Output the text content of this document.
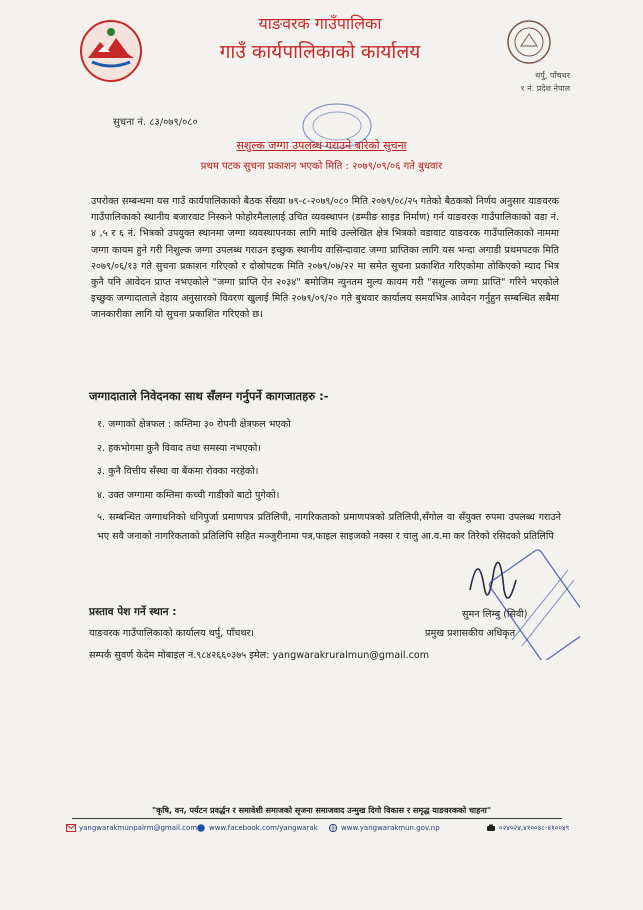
याङवरक गाउँपालिका
गाउँ कार्यपालिकाको कार्यालय
थर्पु, पाँचथर
१ नं. प्रदेश नेपाल
सुचना नं. ८३/०७९/०८०
सशुल्क जग्गा उपलब्ध गराउने बारेको सुचना
प्रथम पटक सुचना प्रकाशन भएको मिति : २०७९/०९/०६ गते बुधवार
उपरोक्त सम्बन्धमा यस गाउँ कार्यपालिकाको बैठक सँख्या ७९-८-२०७९/०८० मिति २०७९/०८/२५ गतेको बैठकको निर्णय अनुसार याङवरक गाउँपालिकाको स्थानीय बजारवाट निस्कने फोहोरमैलालाई उचित व्यवस्थापन (डम्पीङ साइड निर्माण) गर्न याङवरक गाउँपालिकाको वडा नं. ४ ,५ र ६ नं. भित्रको उपयुक्त स्थानमा जग्गा व्यवस्थापनका लागि माथि उल्लेखित क्षेत्र भित्रको वडावाट याङवरक गाउँपालिकाको नाममा जग्गा कायम हुने गरी निशुल्क जग्गा उपलब्ध गराउन इच्छुक स्थानीय वासिन्दावाट जग्गा प्राप्तिका लागि यस भन्दा अगाडी प्रथमपटक मिति २०७९/०६/१३ गते सुचना प्रकाशन गरिएको र दोस्रोपटक मिति २०७९/०७/२२ मा समेत सुचना प्रकाशित गरिएकोमा तोकिएको म्याद भित्र कुनै पनि आवेदन प्राप्त नभएकोले "जग्गा प्राप्ति ऐन २०३४" बमोजिम न्युनतम मुल्य कायम गरी "सशुल्क जग्गा प्राप्ति" गरिने भएकोले इच्छुक जग्गादाताले देहाय अनुसारको विवरण खुलाई मिति २०७९/०९/२० गते बुधवार कार्यालय समयभित्र आवेदन गर्नुहुन सम्बन्धित सबैमा जानकारीका लागि यो सुचना प्रकाशित गरिएको छ।
जग्गादाताले निवेदनका साथ सँलग्न गर्नुपर्ने कागजातहरु :-
१. जग्गाको क्षेत्रफल : कम्तिमा ३० रोपनी क्षेत्रफल भएको
२. हकभोगमा कुनै विवाद तथा समस्या नभएको।
३. कुनै वित्तीय सँस्था वा बैंकमा रोक्का नरहेको।
४. उक्त जग्गामा कम्तिमा कच्ची गाडीको बाटो पुगेको।
५. सम्बन्धित जग्गाधनिको धनिपुर्जा प्रमाणपत्र प्रतिलिपी, नागरिकताको प्रमाणपत्रको प्रतिलिपी,सँगोल वा सँयुक्त रुपमा उपलब्ध गराउने भए सवै जनाको नागरिकताको प्रतिलिपि सहित मञ्जुरीनामा पत्र,फाइल साइजको नक्सा र चालु आ.व.मा कर तिरेको रसिदको प्रतिलिपि
प्रस्ताव पेश गर्ने स्थान :	सुमन लिम्बु (सिवी)
याङवरक गाउँपालिकाको कार्यालय थर्पु, पाँचथर।	प्रमुख प्रशासकीय अधिकृत
सम्पर्क सुवर्ण केदेम मोबाइल नं.९८४२६६०३७५ इमेल: yangwarakruralmun@gmail.com
"कृषि, वन, पर्यटन प्रवर्द्धन र समावेशी समाजको सृजना समाजवाद उन्मुख दिगो विकास र समृद्ध याङवरकको चाहना"
yangwarakmunpalrm@gmail.com	www.facebook.com/yangwarak	www.yangwarakmun.gov.np	०२४०२४,४१००४८-४१००४९
